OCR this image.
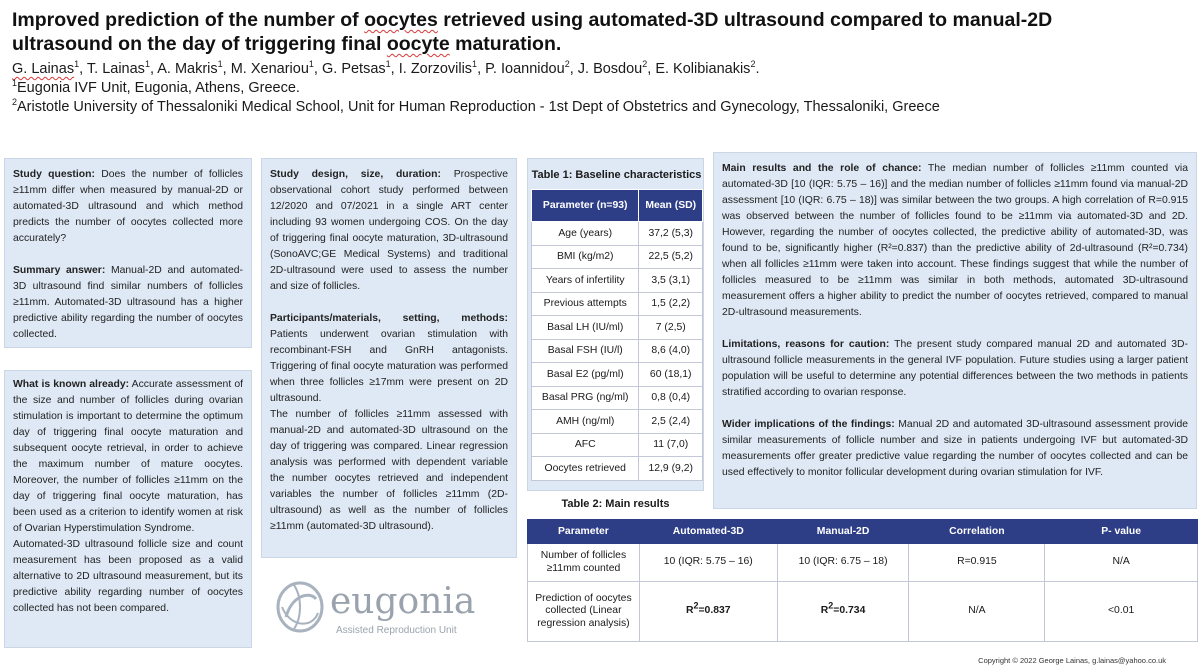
Improved prediction of the number of oocytes retrieved using automated-3D ultrasound compared to manual-2D
ultrasound on the day of triggering final oocyte maturation.
G. Lainas$^1$, T. Lainas$^1$, A. Makris$^1$, M. Xenariou$^1$, G. Petsas$^1$, I. Zorzovilis$^1$, P. Ioannidou$^2$, J. Bosdou$^2$, E. Kolibianakis$^2$.
$^1$Eugonia IVF Unit, Eugonia, Athens, Greece.
$^2$Aristotle University of Thessaloniki Medical School, Unit for Human Reproduction - 1st Dept of Obstetrics and Gynecology, Thessaloniki, Greece

Study question: Does the number of follicles ≥11mm differ when measured by manual-2D or automated-3D ultrasound and which method predicts the number of oocytes collected more accurately?

Summary answer: Manual-2D and automated-3D ultrasound find similar numbers of follicles ≥11mm. Automated-3D ultrasound has a higher predictive ability regarding the number of oocytes collected.

What is known already: Accurate assessment of the size and number of follicles during ovarian stimulation is important to determine the optimum day of triggering final oocyte maturation and subsequent oocyte retrieval, in order to achieve the maximum number of mature oocytes. Moreover, the number of follicles ≥11mm on the day of triggering final oocyte maturation, has been used as a criterion to identify women at risk of Ovarian Hyperstimulation Syndrome.

Automated-3D ultrasound follicle size and count measurement has been proposed as a valid alternative to 2D ultrasound measurement, but its predictive ability regarding number of oocytes collected has not been compared.

Study design, size, duration: Prospective observational cohort study performed between 12/2020 and 07/2021 in a single ART center including 93 women undergoing COS. On the day of triggering final oocyte maturation, 3D-ultrasound (SonoAVC;GE Medical Systems) and traditional 2D-ultrasound were used to assess the number and size of follicles.

Participants/materials, setting, methods: Patients underwent ovarian stimulation with recombinant-FSH and GnRH antagonists. Triggering of final oocyte maturation was performed when three follicles ≥17mm were present on 2D ultrasound.

The number of follicles ≥11mm assessed with manual-2D and automated-3D ultrasound on the day of triggering was compared. Linear regression analysis was performed with dependent variable the number oocytes retrieved and independent variables the number of follicles ≥11mm (2D-ultrasound) as well as the number of follicles ≥11mm (automated-3D ultrasound).

Table 1: Baseline characteristics
Parameter (n=93)	Mean (SD)
Age (years)	37,2 (5,3)
BMI (kg/m2)	22,5 (5,2)
Years of infertility	3,5 (3,1)
Previous attempts	1,5 (2,2)
Basal LH (IU/ml)	7 (2,5)
Basal FSH (IU/l)	8,6 (4,0)
Basal E2 (pg/ml)	60 (18,1)
Basal PRG (ng/ml)	0,8 (0,4)
AMH (ng/ml)	2,5 (2,4)
AFC	11 (7,0)
Oocytes retrieved	12,9 (9,2)

Main results and the role of chance: The median number of follicles ≥11mm counted via automated-3D [10 (IQR: 5.75 – 16)] and the median number of follicles ≥11mm found via manual-2D assessment [10 (IQR: 6.75 – 18)] was similar between the two groups. A high correlation of R=0.915 was observed between the number of follicles found to be ≥11mm via automated-3D and 2D. However, regarding the number of oocytes collected, the predictive ability of automated-3D, was found to be, significantly higher (R²=0.837) than the predictive ability of 2d-ultrasound (R²=0.734) when all follicles ≥11mm were taken into account. These findings suggest that while the number of follicles measured to be ≥11mm was similar in both methods, automated 3D-ultrasound measurement offers a higher ability to predict the number of oocytes retrieved, compared to manual 2D-ultrasound measurements.

Limitations, reasons for caution: The present study compared manual 2D and automated 3D-ultrasound follicle measurements in the general IVF population. Future studies using a larger patient population will be useful to determine any potential differences between the two methods in patients stratified according to ovarian response.

Wider implications of the findings: Manual 2D and automated 3D-ultrasound assessment provide similar measurements of follicle number and size in patients undergoing IVF but automated-3D measurements offer greater predictive value regarding the number of oocytes collected and can be used effectively to monitor follicular development during ovarian stimulation for IVF.

Table 2: Main results
Parameter	Automated-3D	Manual-2D	Correlation	P- value
Number of follicles ≥11mm counted	10 (IQR: 5.75 – 16)	10 (IQR: 6.75 – 18)	R=0.915	N/A
Prediction of oocytes collected (Linear regression analysis)	$R^2=0.837$	$R^2=0.734$	N/A	<0.01
eugonia
Assisted Reproduction Unit
Copyright © 2022 George Lainas, g.lainas@yahoo.co.uk
